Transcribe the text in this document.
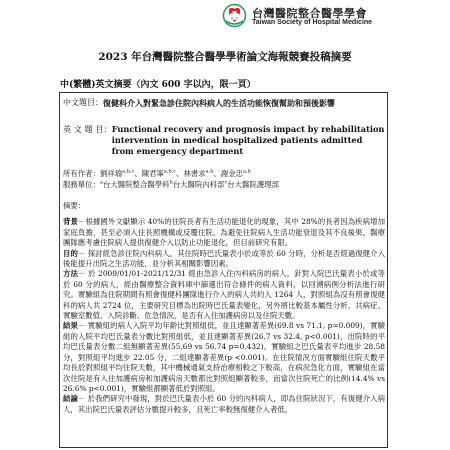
台灣醫院整合醫學學會
Taiwan Society of Hospital Medicine
2023 年台灣醫院整合醫學學術論文海報競賽投稿摘要
中(繁體)英文摘要（內文 600 字以內，限一頁）
中文題目： 復健科介入對緊急診住院內科病人的生活功能恢復幫助和預後影響
英 文 題 目： Functional recovery and prognosis impact by rehabilitation intervention in medical hospitalized patients admitted from emergency department
所有作者：劉祥瑜$^{a,b,c}$、陳君峯$^{a,b,c}$、林書求$^{a,b}$、謝金忠$^{a,b}$
服務單位：$^a$台大醫院整合醫學科$^b$台大醫院內科部$^c$台大醫院護理部

摘要：

背景－根據國外文獻顯示 40%的住院長者有生活功能退化的現象，其中 28%的長者因為疾病增加家庭負擔，甚至必須入住長照機構或反覆住院。為避免住院病人生活功能衰退及其不良後果，醫療團隊應考慮住院病人提供復健介入以防止功能退化，但目前研究有限。

目的－ 探討經急診住院內科病人，其住院時巴氏量表小於或等於 60 分時，分析是否經過復健介入後能提升出院之生活功能，並分析其相關影響因素。

方法－ 於 2009/01/01-2021/12/31 經由急診入住內科病房的病人，針對入院巴氏量表小於或等於 60 分的病人，經由醫療整合資料庫中篩選出符合條件的病人資料，以回溯病例分析法進行研究。實驗組為住院期間有照會復健科團隊進行介入的病人共約人 1264 人，對照組為沒有照會復健科的病人共 2724 位，主要研究目標為出院時巴氏量表變化，另外將比較基本屬性分析、共病症、實驗室數值、入院診斷、危急情況，是否有入住加護病房以及住院天數。

結果－ 實驗組的病人入院平均年齡比對照組低，並且達顯著差異(69.8 vs 71.1, p=0.009)，實驗組的入院平均巴氏量表分數比對照組低，並且達顯著差異(26.7 vs 32.4, p<0.001)，出院時的平均巴氏量表分數二組無顯著差異(55.69 vs 56.74 p=0.432)。實驗組之巴氏量表平均進步 28.58 分，對照組平均進步 22.05 分，二組達顯著差異(p <0.001)。在住院情況方面實驗組住院天數平均長於對照組平均住院天數，其中機械通氣支持治療相較之下較高，在病況急化方面，實驗組在當次住院是有入住加護病房和加護病房天數都比對照組顯著較多，而當次住院死亡的比例(14.4% vs 26.6% p<0.001)，實驗組都顯著低於對照組。

結論－ 於我們研究中發現，對於巴氏量表小於 60 分的內科病人，即為住院狀況下，有復健介入病人，其出院巴氏量表評估分數提升較多，且死亡率較無復健介入者低。
